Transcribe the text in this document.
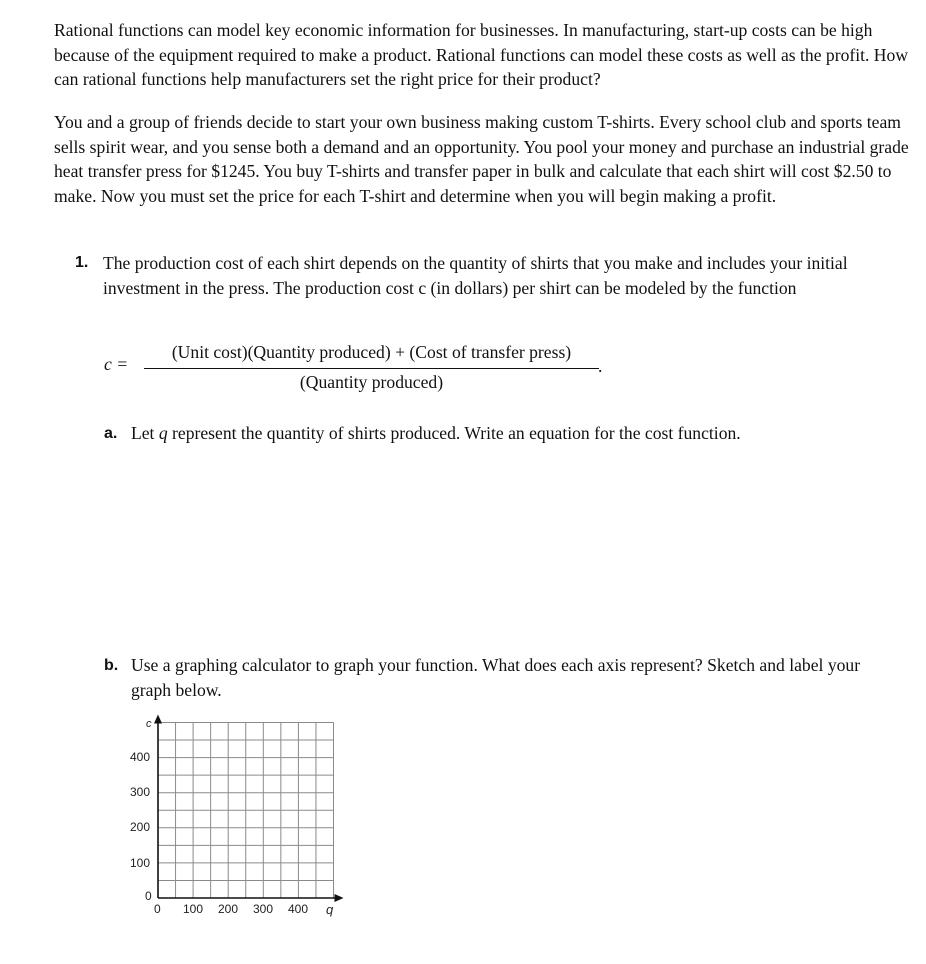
Rational functions can model key economic information for businesses. In manufacturing, start-up costs can be high because of the equipment required to make a product. Rational functions can model these costs as well as the profit. How can rational functions help manufacturers set the right price for their product?

You and a group of friends decide to start your own business making custom T-shirts. Every school club and sports team sells spirit wear, and you sense both a demand and an opportunity. You pool your money and purchase an industrial grade heat transfer press for $1245. You buy T-shirts and transfer paper in bulk and calculate that each shirt will cost $2.50 to make. Now you must set the price for each T-shirt and determine when you will begin making a profit.

1. The production cost of each shirt depends on the quantity of shirts that you make and includes your initial investment in the press. The production cost c (in dollars) per shirt can be modeled by the function
c =
(Unit cost)(Quantity produced) + (Cost of transfer press)
(Quantity produced)
.
a. Let q represent the quantity of shirts produced. Write an equation for the cost function.
b. Use a graphing calculator to graph your function. What does each axis represent? Sketch and label your graph below.
c
q
400
300
200
100
0
0 100 200 300 400
